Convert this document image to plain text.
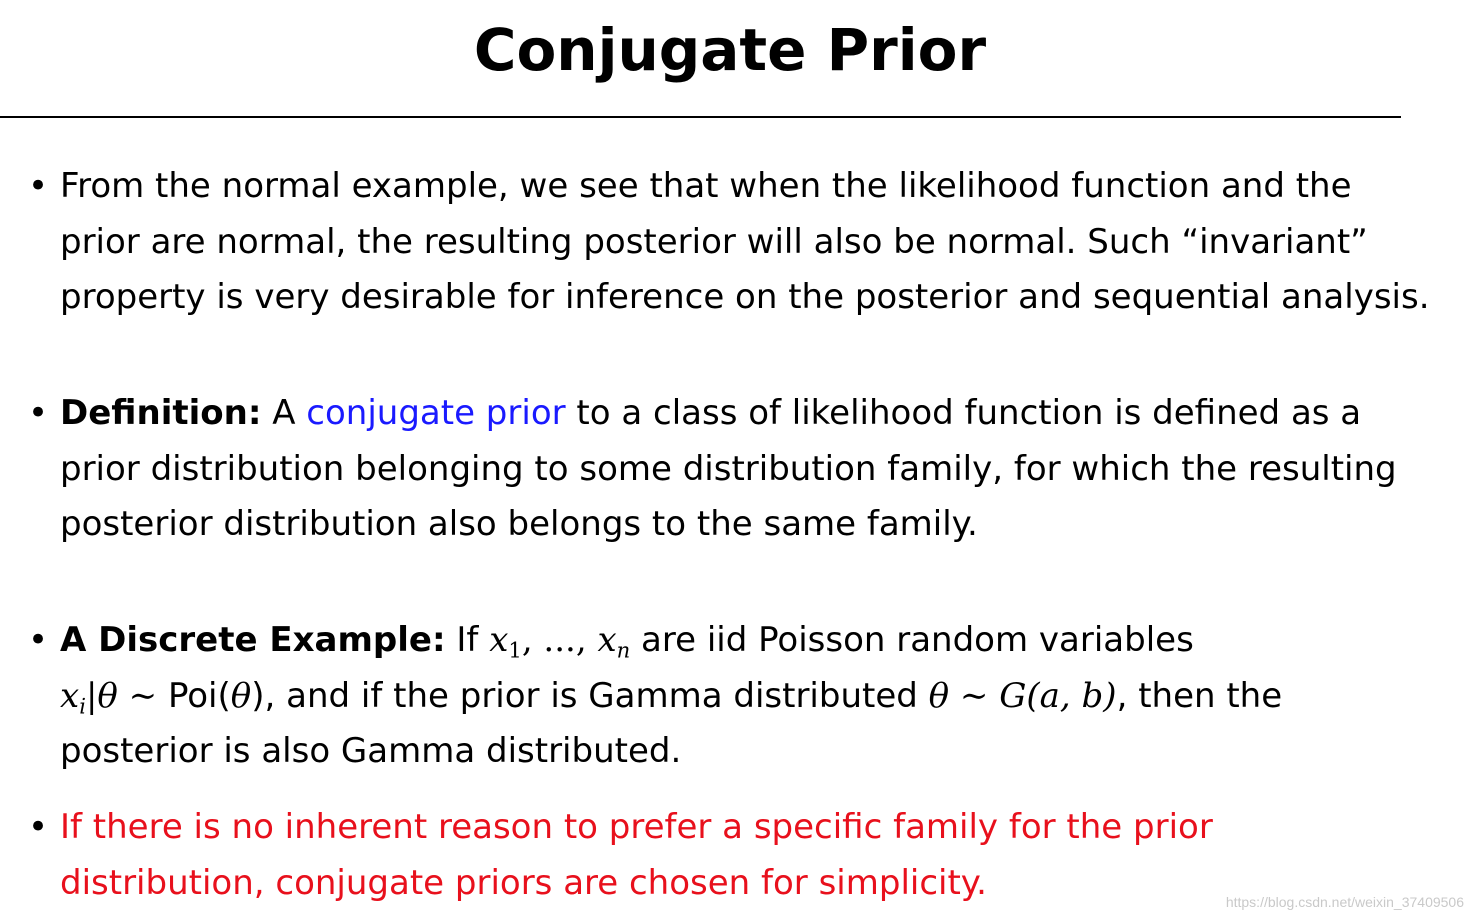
Conjugate Prior
• From the normal example, we see that when the likelihood function and the
prior are normal, the resulting posterior will also be normal. Such “invariant”
property is very desirable for inference on the posterior and sequential analysis.
• Definition: A conjugate prior to a class of likelihood function is defined as a
prior distribution belonging to some distribution family, for which the resulting
posterior distribution also belongs to the same family.
• A Discrete Example: If $x_1$, ..., $x_n$ are iid Poisson random variables
$x_i|\theta$ ∼ Poi(θ), and if the prior is Gamma distributed θ ∼ G(a, b), then the
posterior is also Gamma distributed.
• If there is no inherent reason to prefer a specific family for the prior
distribution, conjugate priors are chosen for simplicity.	https://blog.csdn.net/weixin_37409506
